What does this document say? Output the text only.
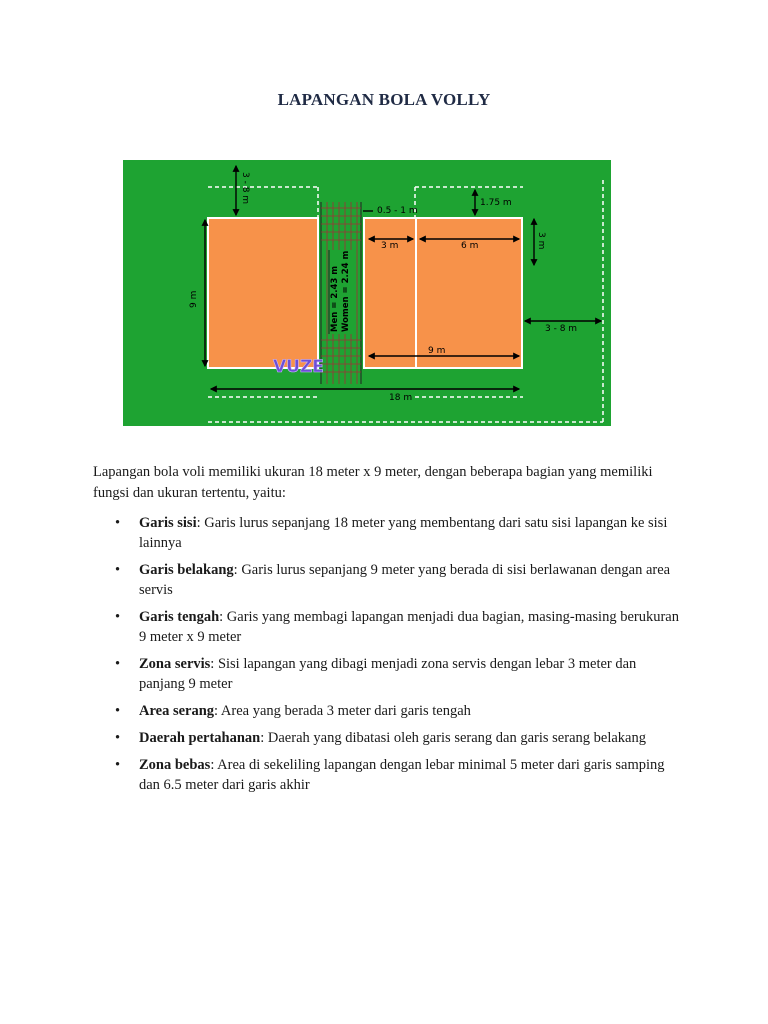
LAPANGAN BOLA VOLLY
3 - 8 m
9 m
0.5 - 1 m
1.75 m
3 m	6 m	3 m
3 - 8 m
9 m
18 m
Men = 2.43 m Women = 2.24 m
VUZE

Lapangan bola voli memiliki ukuran 18 meter x 9 meter, dengan beberapa bagian yang memiliki fungsi dan ukuran tertentu, yaitu:

• Garis sisi: Garis lurus sepanjang 18 meter yang membentang dari satu sisi lapangan ke sisi lainnya
• Garis belakang: Garis lurus sepanjang 9 meter yang berada di sisi berlawanan dengan area servis
• Garis tengah: Garis yang membagi lapangan menjadi dua bagian, masing-masing berukuran 9 meter x 9 meter
• Zona servis: Sisi lapangan yang dibagi menjadi zona servis dengan lebar 3 meter dan panjang 9 meter
• Area serang: Area yang berada 3 meter dari garis tengah
• Daerah pertahanan: Daerah yang dibatasi oleh garis serang dan garis serang belakang
• Zona bebas: Area di sekeliling lapangan dengan lebar minimal 5 meter dari garis samping dan 6.5 meter dari garis akhir
